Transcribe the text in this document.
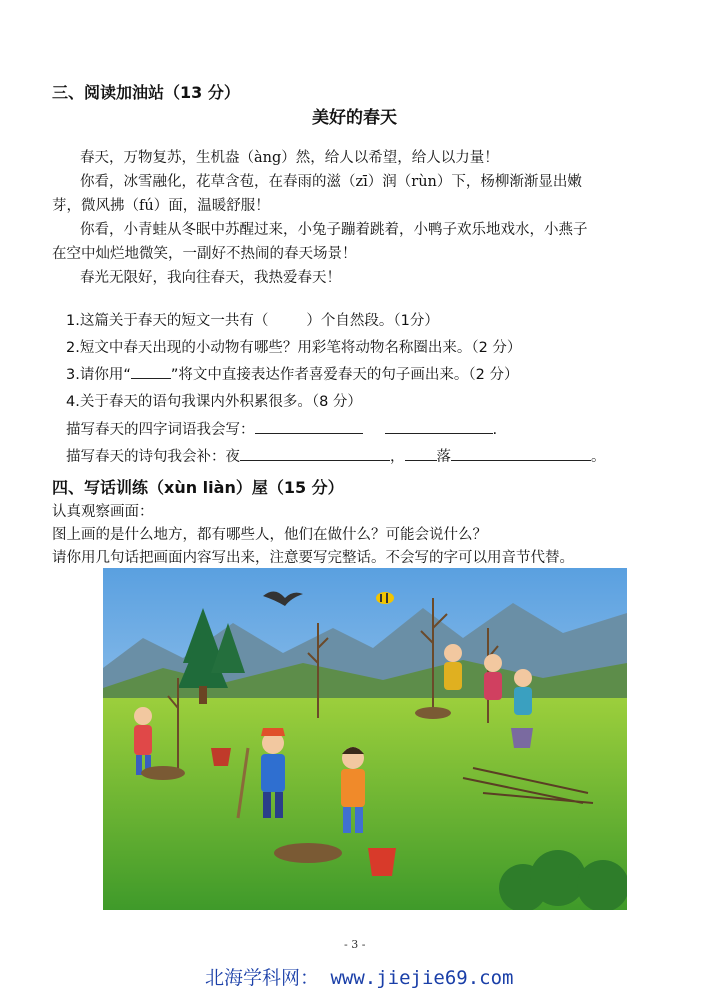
三、阅读加油站（13 分）
美好的春天
春天，万物复苏，生机盎（àng）然，给人以希望，给人以力量！
你看，冰雪融化，花草含苞，在春雨的滋（zī）润（rùn）下，杨柳渐渐显出嫩
芽，微风拂（fú）面，温暖舒服！
你看，小青蛙从冬眠中苏醒过来，小兔子蹦着跳着，小鸭子欢乐地戏水，小燕子
在空中灿烂地微笑，一副好不热闹的春天场景！
春光无限好，我向往春天，我热爱春天！
1.这篇关于春天的短文一共有（	）个自然段。（1分）
2.短文中春天出现的小动物有哪些？用彩笔将动物名称圈出来。（2 分）
3.请你用“	”将文中直接表达作者喜爱春天的句子画出来。（2 分）
4.关于春天的语句我课内外积累很多。（8 分）
描写春天的四字词语我会写：	.
描写春天的诗句我会补：夜	， 落	。
四、写话训练（xùn liàn）屋（15 分）
认真观察画面：
图上画的是什么地方，都有哪些人，他们在做什么？可能会说什么？
请你用几句话把画面内容写出来，注意要写完整话。不会写的字可以用音节代替。
- 3 -
北海学科网： www.jiejie69.com
